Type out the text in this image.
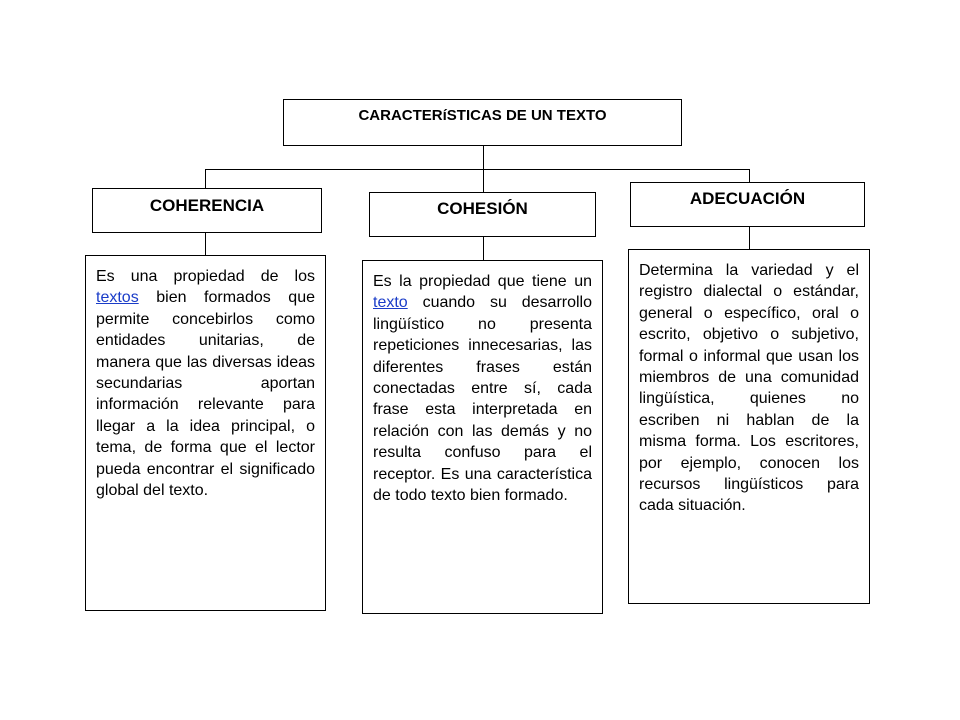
CARACTERíSTICAS DE UN TEXTO
COHERENCIA	COHESIÓN
ADECUACIÓN
Es una propiedad de los textos bien formados que permite concebirlos como entidades unitarias, de manera que las diversas ideas secundarias aportan información relevante para llegar a la idea principal, o tema, de forma que el lector pueda encontrar el significado global del texto.
Es la propiedad que tiene un texto cuando su desarrollo lingüístico no presenta repeticiones innecesarias, las diferentes frases están conectadas entre sí, cada frase esta interpretada en relación con las demás y no resulta confuso para el receptor. Es una característica de todo texto bien formado.
Determina la variedad y el registro dialectal o estándar, general o específico, oral o escrito, objetivo o subjetivo, formal o informal que usan los miembros de una comunidad lingüística, quienes no escriben ni hablan de la misma forma. Los escritores, por ejemplo, conocen los recursos lingüísticos para cada situación.
